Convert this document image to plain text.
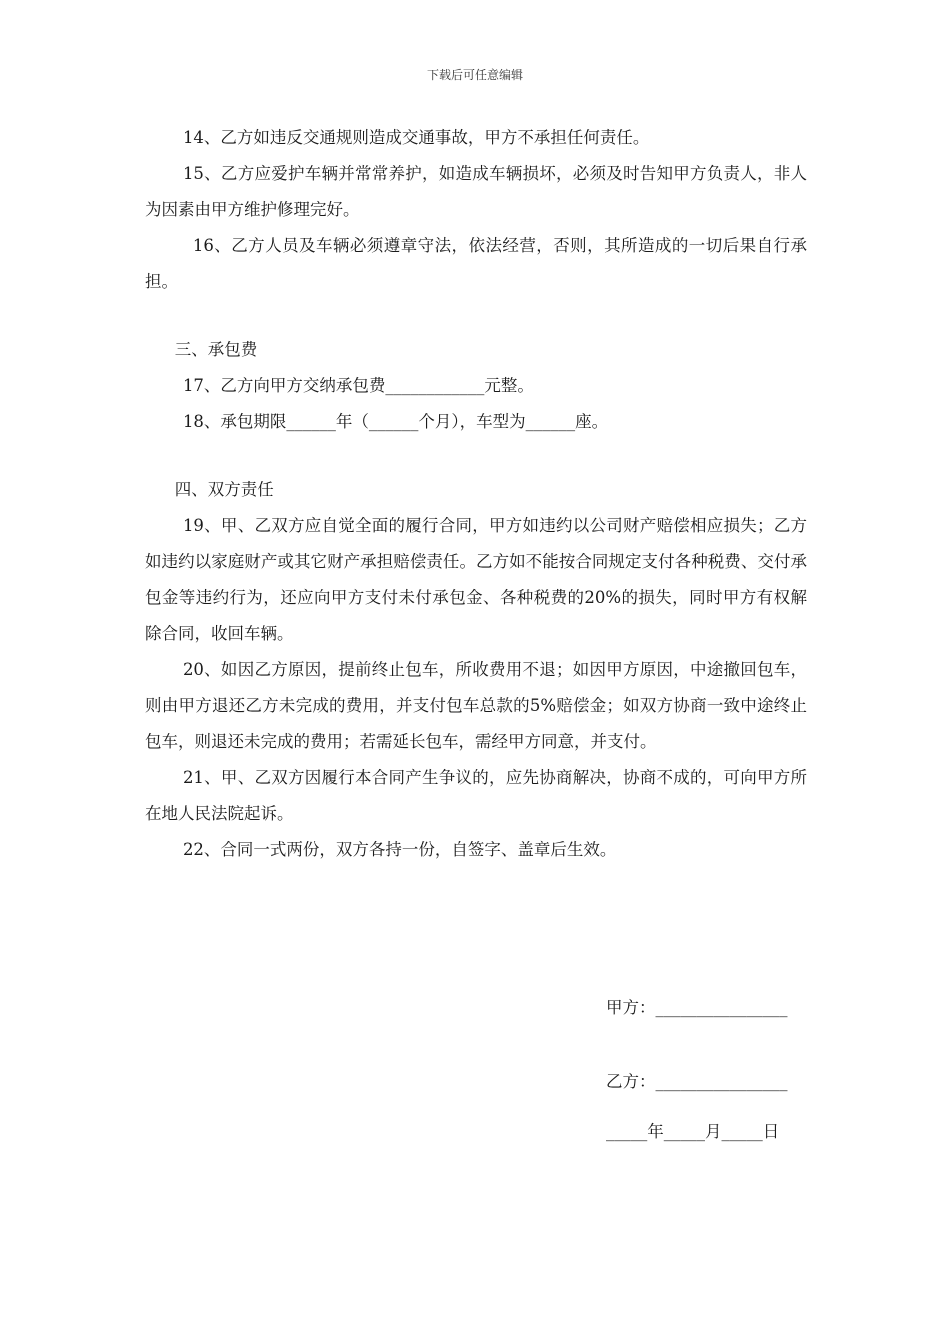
下载后可任意编辑
14、乙方如违反交通规则造成交通事故，甲方不承担任何责任。
15、乙方应爱护车辆并常常养护，如造成车辆损坏，必须及时告知甲方负责人，非人为因素由甲方维护修理完好。
16、乙方人员及车辆必须遵章守法，依法经营，否则，其所造成的一切后果自行承担。
三、承包费
17、乙方向甲方交纳承包费____________元整。
18、承包期限______年（______个月），车型为______座。
四、双方责任
19、甲、乙双方应自觉全面的履行合同，甲方如违约以公司财产赔偿相应损失；乙方如违约以家庭财产或其它财产承担赔偿责任。乙方如不能按合同规定支付各种税费、交付承包金等违约行为，还应向甲方支付未付承包金、各种税费的20%的损失，同时甲方有权解除合同，收回车辆。
20、如因乙方原因，提前终止包车，所收费用不退；如因甲方原因，中途撤回包车，则由甲方退还乙方未完成的费用，并支付包车总款的5%赔偿金；如双方协商一致中途终止包车，则退还未完成的费用；若需延长包车，需经甲方同意，并支付。
21、甲、乙双方因履行本合同产生争议的，应先协商解决，协商不成的，可向甲方所在地人民法院起诉。
22、合同一式两份，双方各持一份，自签字、盖章后生效。
甲方：________________
乙方：________________
_____年_____月_____日
